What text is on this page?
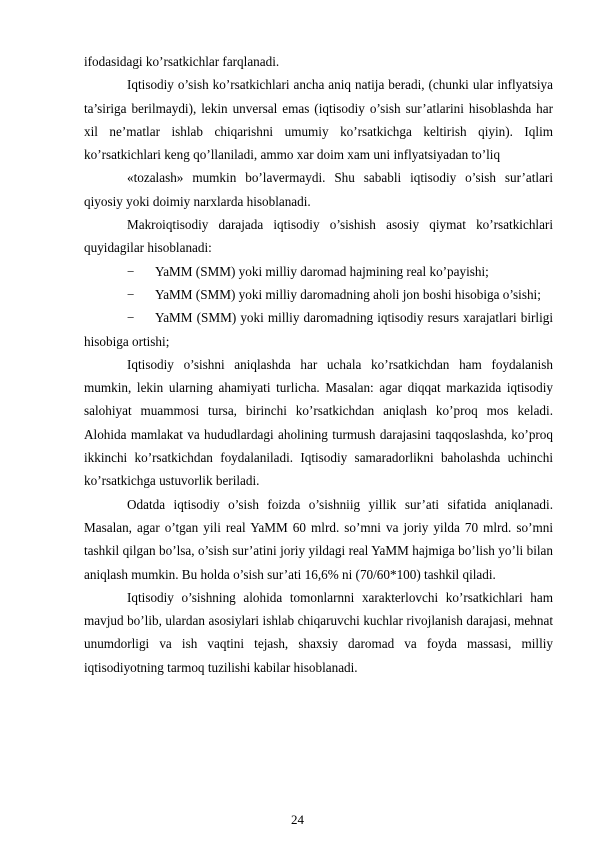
ifodasidagi ko’rsatkichlar farqlanadi.

Iqtisodiy o’sish ko’rsatkichlari ancha aniq natija beradi, (chunki ular inflyatsiya ta’siriga berilmaydi), lekin unversal emas (iqtisodiy o’sish sur’atlarini hisoblashda har xil ne’matlar ishlab chiqarishni umumiy ko’rsatkichga keltirish qiyin). Iqlim ko’rsatkichlari keng qo’llaniladi, ammo хar doim xam uni inflyatsiyadan to’liq

«tozalash» mumkin bo’lavermaydi. Shu sababli iqtisodiy o’sish sur’atlari qiyosiy yoki doimiy narxlarda hisoblanadi.

Makroiqtisodiy darajada iqtisodiy o’sishish asosiy qiymat ko’rsatkichlari quyidagilar hisoblanadi:

− YaMM (SMM) yoki milliy daromad hajmining real ko’payishi;

− YaMM (SMM) yoki milliy daromadning aholi jon boshi hisobiga o’sishi;

− YaMM (SMM) yoki milliy daromadning iqtisodiy resurs xarajatlari birligi hisobiga ortishi;

Iqtisodiy o’sishni aniqlashda har uchala ko’rsatkichdan ham foydalanish mumkin, lekin ularning ahamiyati turlicha. Masalan: agar diqqat markazida iqtisodiy salohiyat muammosi tursa, birinchi ko’rsatkichdan aniqlash ko’proq mos keladi. Alohida mamlakat va hududlardagi aholining turmush darajasini taqqoslashda, ko’proq ikkinchi ko’rsatkichdan foydalaniladi. Iqtisodiy samaradorlikni baholashda uchinchi ko’rsatkichga ustuvorlik beriladi.

Odatda iqtisodiy o’sish foizda o’sishniig yillik sur’ati sifatida aniqlanadi. Masalan, agar o’tgan yili real YaMM 60 mlrd. so’mni va joriy yilda 70 mlrd. so’mni tashkil qilgan bo’lsa, o’sish sur’atini joriy yildagi real YaMM hajmiga bo’lish yo’li bilan aniqlash mumkin. Bu holda o’sish sur’ati 16,6% ni (70/60*100) tashkil qiladi.

Iqtisodiy o’sishning alohida tomonlarnni xarakterlovchi ko’rsatkichlari ham mavjud bo’lib, ulardan asosiylari ishlab chiqaruvchi kuchlar rivojlanish darajasi, mehnat unumdorligi va ish vaqtini tejash, shaxsiy daromad va foyda massasi, milliy iqtisodiyotning tarmoq tuzilishi kabilar hisoblanadi.

24
